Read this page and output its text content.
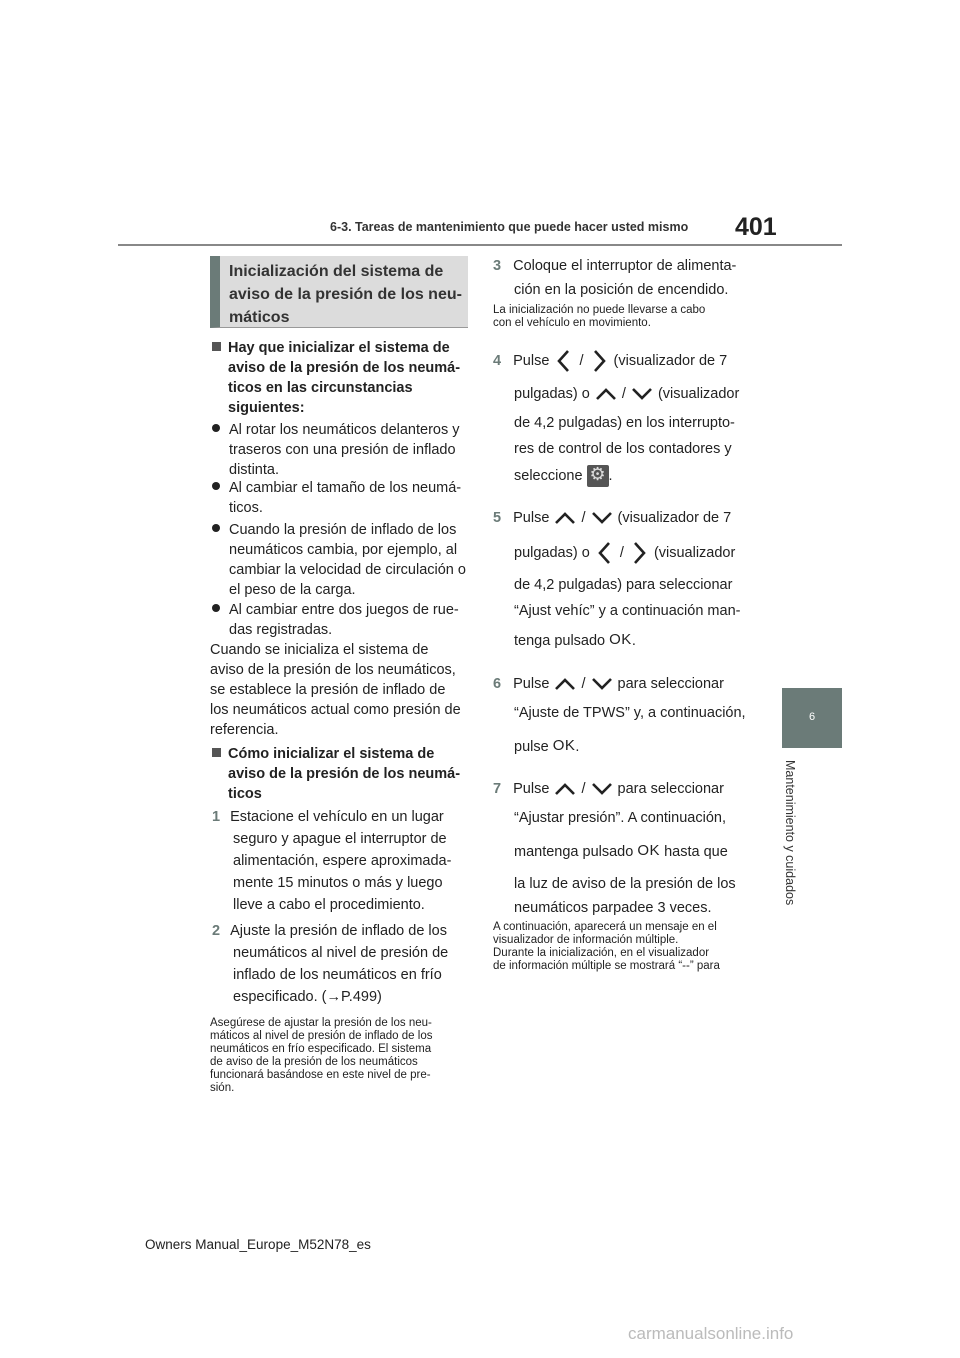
6-3. Tareas de mantenimiento que puede hacer usted mismo 401
6
Mantenimiento y cuidados
Inicialización del sistema de
aviso de la presión de los neu-
máticos
Hay que inicializar el sistema de
aviso de la presión de los neumá-
ticos en las circunstancias
siguientes:
Al rotar los neumáticos delanteros y
traseros con una presión de inflado
distinta.
Al cambiar el tamaño de los neumá-
ticos.
Cuando la presión de inflado de los
neumáticos cambia, por ejemplo, al
cambiar la velocidad de circulación o
el peso de la carga.
Al cambiar entre dos juegos de rue-
das registradas.
Cuando se inicializa el sistema de
aviso de la presión de los neumáticos,
se establece la presión de inflado de
los neumáticos actual como presión de
referencia.
Cómo inicializar el sistema de
aviso de la presión de los neumá-
ticos
1 Estacione el vehículo en un lugar
seguro y apague el interruptor de
alimentación, espere aproximada-
mente 15 minutos o más y luego
lleve a cabo el procedimiento.
2 Ajuste la presión de inflado de los
neumáticos al nivel de presión de
inflado de los neumáticos en frío
especificado. (→P.499)
Asegúrese de ajustar la presión de los neu-
máticos al nivel de presión de inflado de los
neumáticos en frío especificado. El sistema
de aviso de la presión de los neumáticos
funcionará basándose en este nivel de pre-
sión.
3 Coloque el interruptor de alimenta-
ción en la posición de encendido.
La inicialización no puede llevarse a cabo
con el vehículo en movimiento.
4 Pulse / (visualizador de 7
pulgadas) o / (visualizador
de 4,2 pulgadas) en los interrupto-
res de control de los contadores y
seleccione ⚙ .
5 Pulse / (visualizador de 7
pulgadas) o / (visualizador
de 4,2 pulgadas) para seleccionar
“Ajust vehíc” y a continuación man-
tenga pulsado OK.
6 Pulse / para seleccionar
“Ajuste de TPWS” y, a continuación,
pulse OK.
7 Pulse / para seleccionar
“Ajustar presión”. A continuación,
mantenga pulsado OK hasta que
la luz de aviso de la presión de los
neumáticos parpadee 3 veces.
A continuación, aparecerá un mensaje en el
visualizador de información múltiple.
Durante la inicialización, en el visualizador
de información múltiple se mostrará “--” para
Owners Manual_Europe_M52N78_es
carmanualsonline.info
